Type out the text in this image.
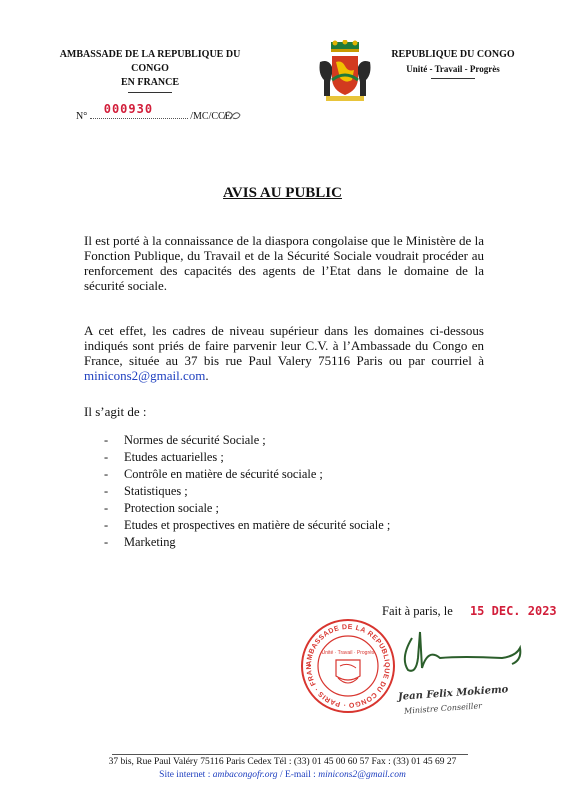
AMBASSADE DE LA REPUBLIQUE DU CONGO
EN FRANCE
REPUBLIQUE DU CONGO
Unité - Travail - Progrès
N°
000930
/MC/CCE
AVIS AU PUBLIC
Il est porté à la connaissance de la diaspora congolaise que le Ministère de la Fonction Publique, du Travail et de la Sécurité Sociale voudrait procéder au renforcement des capacités des agents de l’Etat dans le domaine de la sécurité sociale.
A cet effet, les cadres de niveau supérieur dans les domaines ci-dessous indiqués sont priés de faire parvenir leur C.V. à l’Ambassade du Congo en France, située au 37 bis rue Paul Valery 75116 Paris ou par courriel à minicons2@gmail.com.
Il s’agit de :
- Normes de sécurité Sociale ;
- Etudes actuarielles ;
- Contrôle en matière de sécurité sociale ;
- Statistiques ;
- Protection sociale ;
- Etudes et prospectives en matière de sécurité sociale ;
- Marketing
Fait à paris, le 15 DEC. 2023
AMBASSADE DE LA REPUBLIQUE DU CONGO · PARIS · FRAN
Unité · Travail · Progrès
Jean Felix Mokiemo
Ministre Conseiller
37 bis, Rue Paul Valéry 75116 Paris Cedex Tél : (33) 01 45 00 60 57 Fax : (33) 01 45 69 27
Site internet : ambacongofr.org / E-mail : minicons2@gmail.com
